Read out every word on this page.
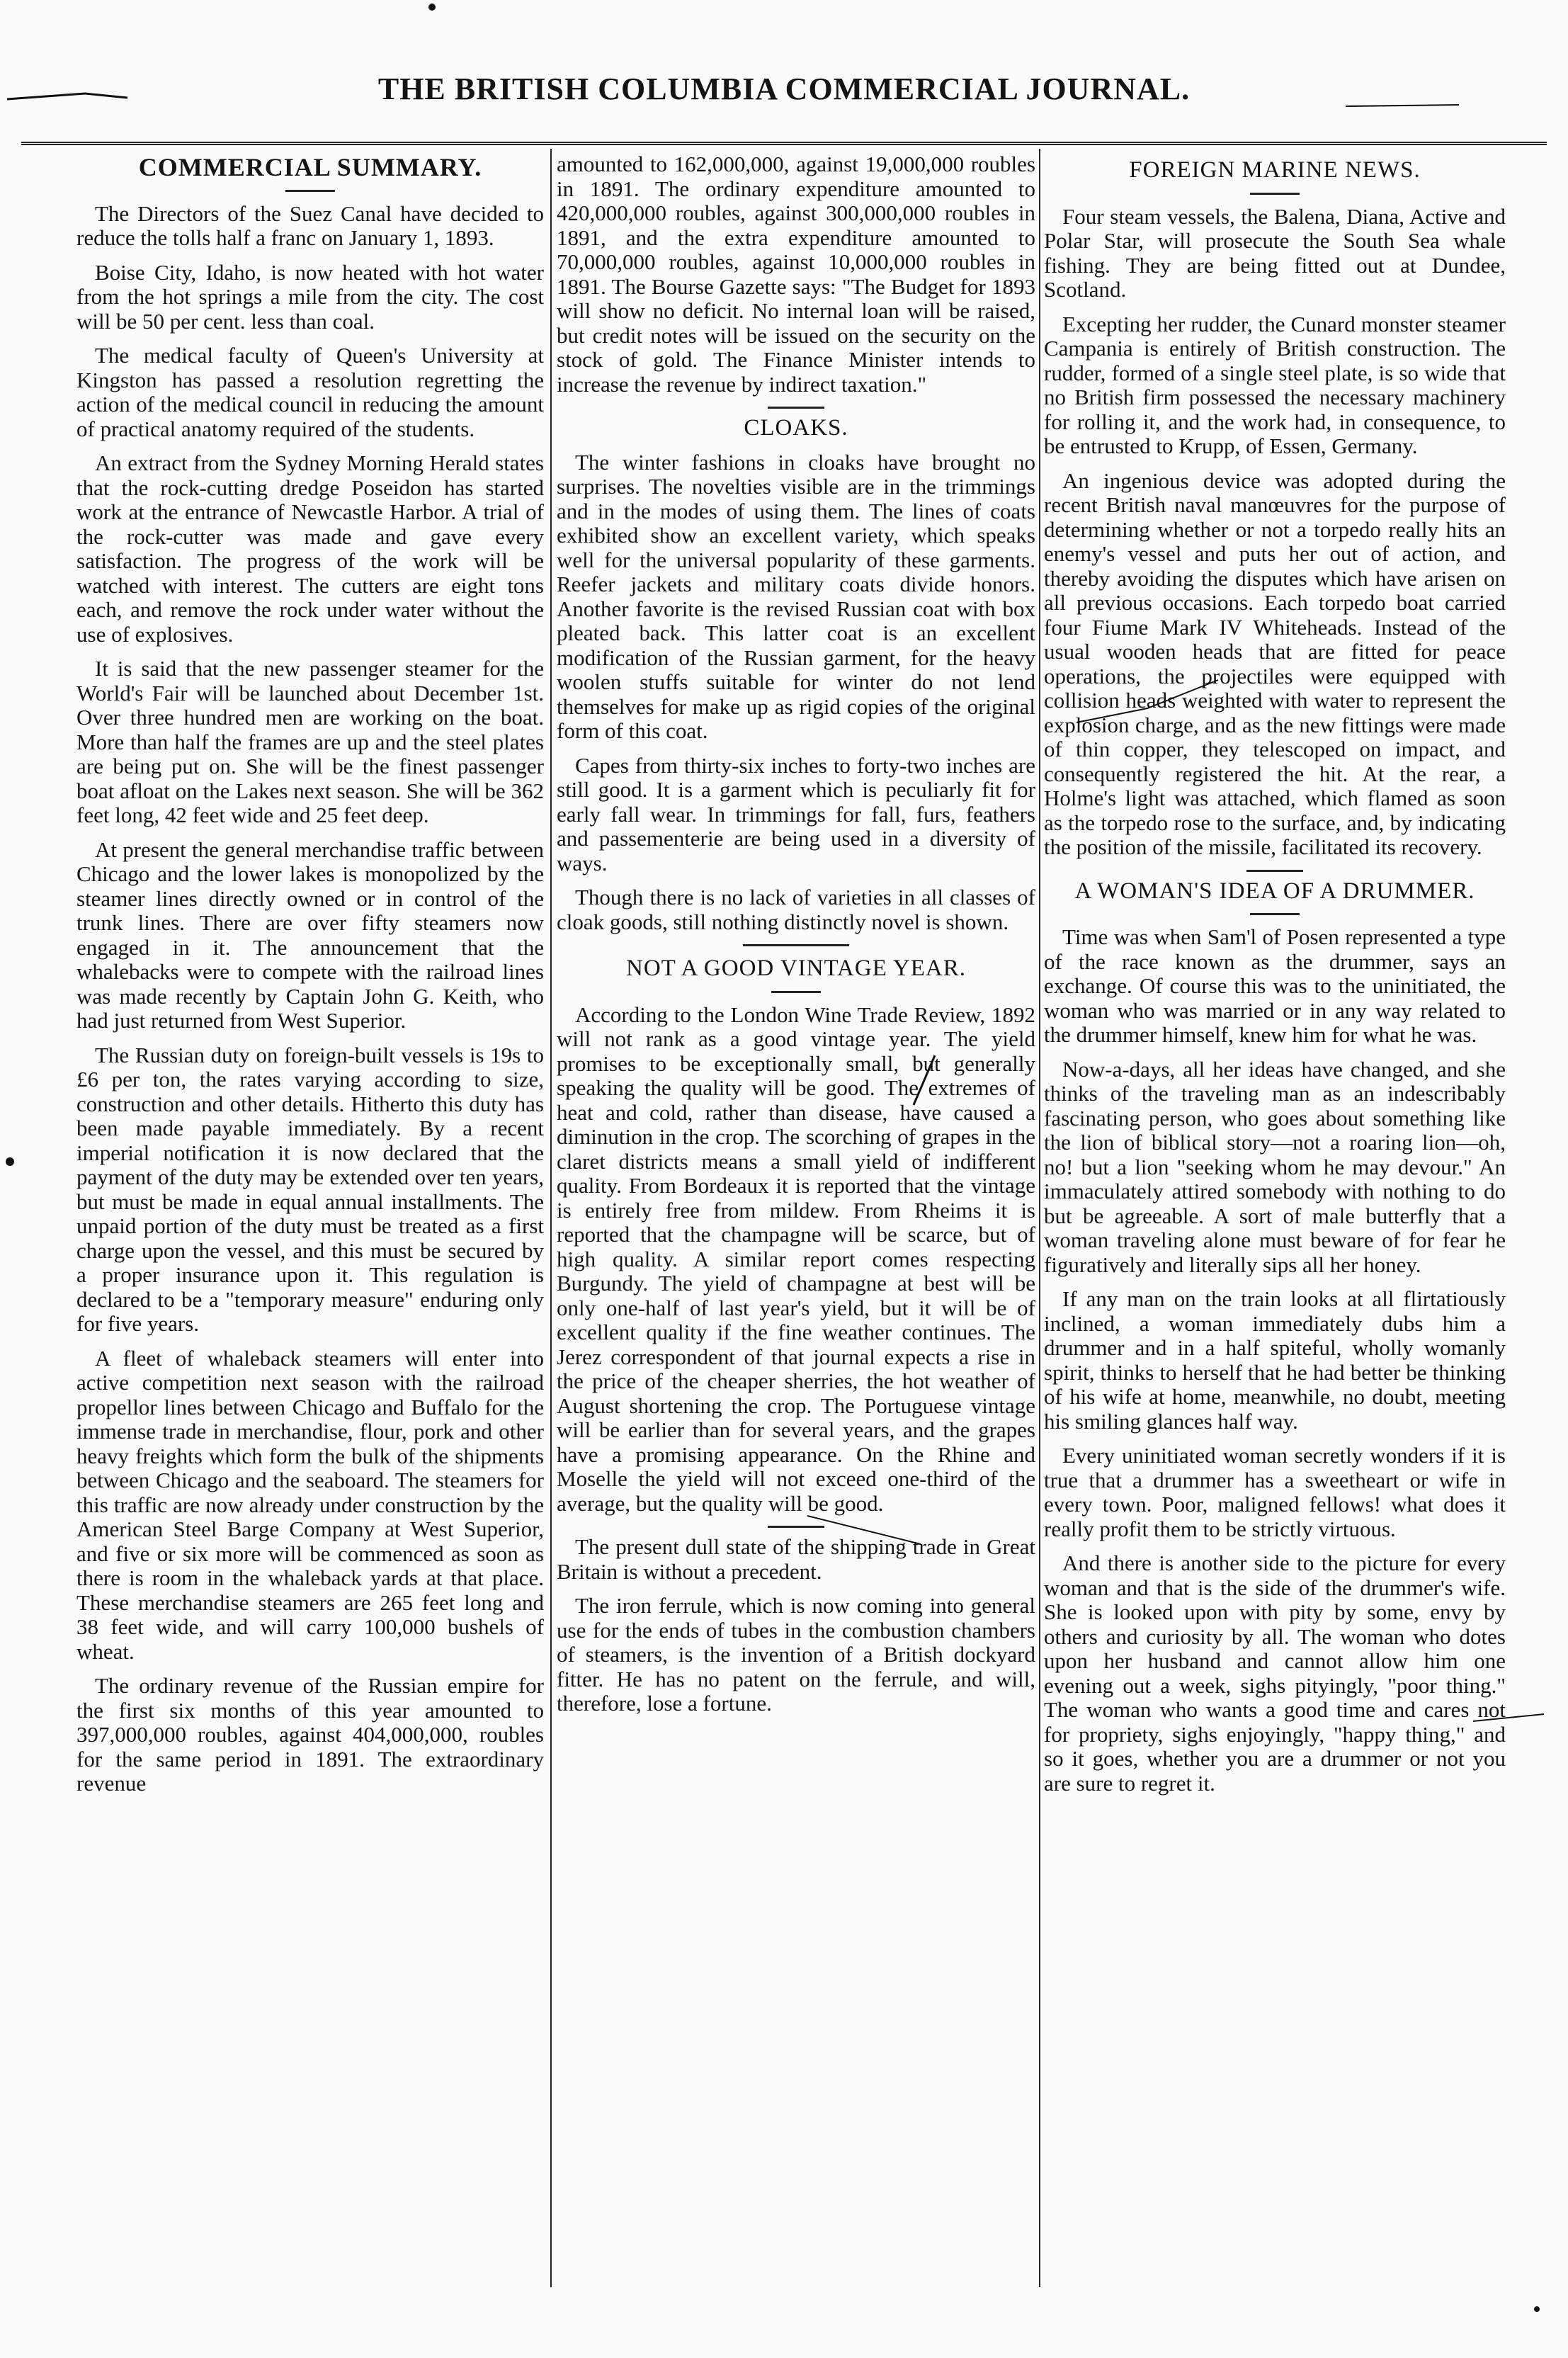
THE BRITISH COLUMBIA COMMERCIAL JOURNAL.
COMMERCIAL SUMMARY.

The Directors of the Suez Canal have decided to reduce the tolls half a franc on January 1, 1893.

Boise City, Idaho, is now heated with hot water from the hot springs a mile from the city. The cost will be 50 per cent. less than coal.

The medical faculty of Queen's University at Kingston has passed a resolution regretting the action of the medical council in reducing the amount of practical anatomy required of the students.

An extract from the Sydney Morning Herald states that the rock-cutting dredge Poseidon has started work at the entrance of Newcastle Harbor. A trial of the rock-cutter was made and gave every satisfaction. The progress of the work will be watched with interest. The cutters are eight tons each, and remove the rock under water without the use of explosives.

It is said that the new passenger steamer for the World's Fair will be launched about December 1st. Over three hundred men are working on the boat. More than half the frames are up and the steel plates are being put on. She will be the finest passenger boat afloat on the Lakes next season. She will be 362 feet long, 42 feet wide and 25 feet deep.

At present the general merchandise traffic between Chicago and the lower lakes is monopolized by the steamer lines directly owned or in control of the trunk lines. There are over fifty steamers now engaged in it. The announcement that the whalebacks were to compete with the railroad lines was made recently by Captain John G. Keith, who had just returned from West Superior.

The Russian duty on foreign-built vessels is 19s to £6 per ton, the rates varying according to size, construction and other details. Hitherto this duty has been made payable immediately. By a recent imperial notification it is now declared that the payment of the duty may be extended over ten years, but must be made in equal annual installments. The unpaid portion of the duty must be treated as a first charge upon the vessel, and this must be secured by a proper insurance upon it. This regulation is declared to be a "temporary measure" enduring only for five years.

A fleet of whaleback steamers will enter into active competition next season with the railroad propellor lines between Chicago and Buffalo for the immense trade in merchandise, flour, pork and other heavy freights which form the bulk of the shipments between Chicago and the seaboard. The steamers for this traffic are now already under construction by the American Steel Barge Company at West Superior, and five or six more will be commenced as soon as there is room in the whaleback yards at that place. These merchandise steamers are 265 feet long and 38 feet wide, and will carry 100,000 bushels of wheat.

The ordinary revenue of the Russian empire for the first six months of this year amounted to 397,000,000 roubles, against 404,000,000, roubles for the same period in 1891. The extraordinary revenue

amounted to 162,000,000, against 19,000,000 roubles in 1891. The ordinary expenditure amounted to 420,000,000 roubles, against 300,000,000 roubles in 1891, and the extra expenditure amounted to 70,000,000 roubles, against 10,000,000 roubles in 1891. The Bourse Gazette says: "The Budget for 1893 will show no deficit. No internal loan will be raised, but credit notes will be issued on the security on the stock of gold. The Finance Minister intends to increase the revenue by indirect taxation."

CLOAKS.

The winter fashions in cloaks have brought no surprises. The novelties visible are in the trimmings and in the modes of using them. The lines of coats exhibited show an excellent variety, which speaks well for the universal popularity of these garments. Reefer jackets and military coats divide honors. Another favorite is the revised Russian coat with box pleated back. This latter coat is an excellent modification of the Russian garment, for the heavy woolen stuffs suitable for winter do not lend themselves for make up as rigid copies of the original form of this coat.

Capes from thirty-six inches to forty-two inches are still good. It is a garment which is peculiarly fit for early fall wear. In trimmings for fall, furs, feathers and passementerie are being used in a diversity of ways.

Though there is no lack of varieties in all classes of cloak goods, still nothing distinctly novel is shown.

NOT A GOOD VINTAGE YEAR.

According to the London Wine Trade Review, 1892 will not rank as a good vintage year. The yield promises to be exceptionally small, but generally speaking the quality will be good. The extremes of heat and cold, rather than disease, have caused a diminution in the crop. The scorching of grapes in the claret districts means a small yield of indifferent quality. From Bordeaux it is reported that the vintage is entirely free from mildew. From Rheims it is reported that the champagne will be scarce, but of high quality. A similar report comes respecting Burgundy. The yield of champagne at best will be only one-half of last year's yield, but it will be of excellent quality if the fine weather continues. The Jerez correspondent of that journal expects a rise in the price of the cheaper sherries, the hot weather of August shortening the crop. The Portuguese vintage will be earlier than for several years, and the grapes have a promising appearance. On the Rhine and Moselle the yield will not exceed one-third of the average, but the quality will be good.

The present dull state of the shipping trade in Great Britain is without a precedent.

The iron ferrule, which is now coming into general use for the ends of tubes in the combustion chambers of steamers, is the invention of a British dockyard fitter. He has no patent on the ferrule, and will, therefore, lose a fortune.

FOREIGN MARINE NEWS.

Four steam vessels, the Balena, Diana, Active and Polar Star, will prosecute the South Sea whale fishing. They are being fitted out at Dundee, Scotland.

Excepting her rudder, the Cunard monster steamer Campania is entirely of British construction. The rudder, formed of a single steel plate, is so wide that no British firm possessed the necessary machinery for rolling it, and the work had, in consequence, to be entrusted to Krupp, of Essen, Germany.

An ingenious device was adopted during the recent British naval manœuvres for the purpose of determining whether or not a torpedo really hits an enemy's vessel and puts her out of action, and thereby avoiding the disputes which have arisen on all previous occasions. Each torpedo boat carried four Fiume Mark IV Whiteheads. Instead of the usual wooden heads that are fitted for peace operations, the projectiles were equipped with collision heads weighted with water to represent the explosion charge, and as the new fittings were made of thin copper, they telescoped on impact, and consequently registered the hit. At the rear, a Holme's light was attached, which flamed as soon as the torpedo rose to the surface, and, by indicating the position of the missile, facilitated its recovery.

A WOMAN'S IDEA OF A DRUMMER.

Time was when Sam'l of Posen represented a type of the race known as the drummer, says an exchange. Of course this was to the uninitiated, the woman who was married or in any way related to the drummer himself, knew him for what he was.

Now-a-days, all her ideas have changed, and she thinks of the traveling man as an indescribably fascinating person, who goes about something like the lion of biblical story—not a roaring lion—oh, no! but a lion "seeking whom he may devour." An immaculately attired somebody with nothing to do but be agreeable. A sort of male butterfly that a woman traveling alone must beware of for fear he figuratively and literally sips all her honey.

If any man on the train looks at all flirtatiously inclined, a woman immediately dubs him a drummer and in a half spiteful, wholly womanly spirit, thinks to herself that he had better be thinking of his wife at home, meanwhile, no doubt, meeting his smiling glances half way.

Every uninitiated woman secretly wonders if it is true that a drummer has a sweetheart or wife in every town. Poor, maligned fellows! what does it really profit them to be strictly virtuous.

And there is another side to the picture for every woman and that is the side of the drummer's wife. She is looked upon with pity by some, envy by others and curiosity by all. The woman who dotes upon her husband and cannot allow him one evening out a week, sighs pityingly, "poor thing." The woman who wants a good time and cares not for propriety, sighs enjoyingly, "happy thing," and so it goes, whether you are a drummer or not you are sure to regret it.
